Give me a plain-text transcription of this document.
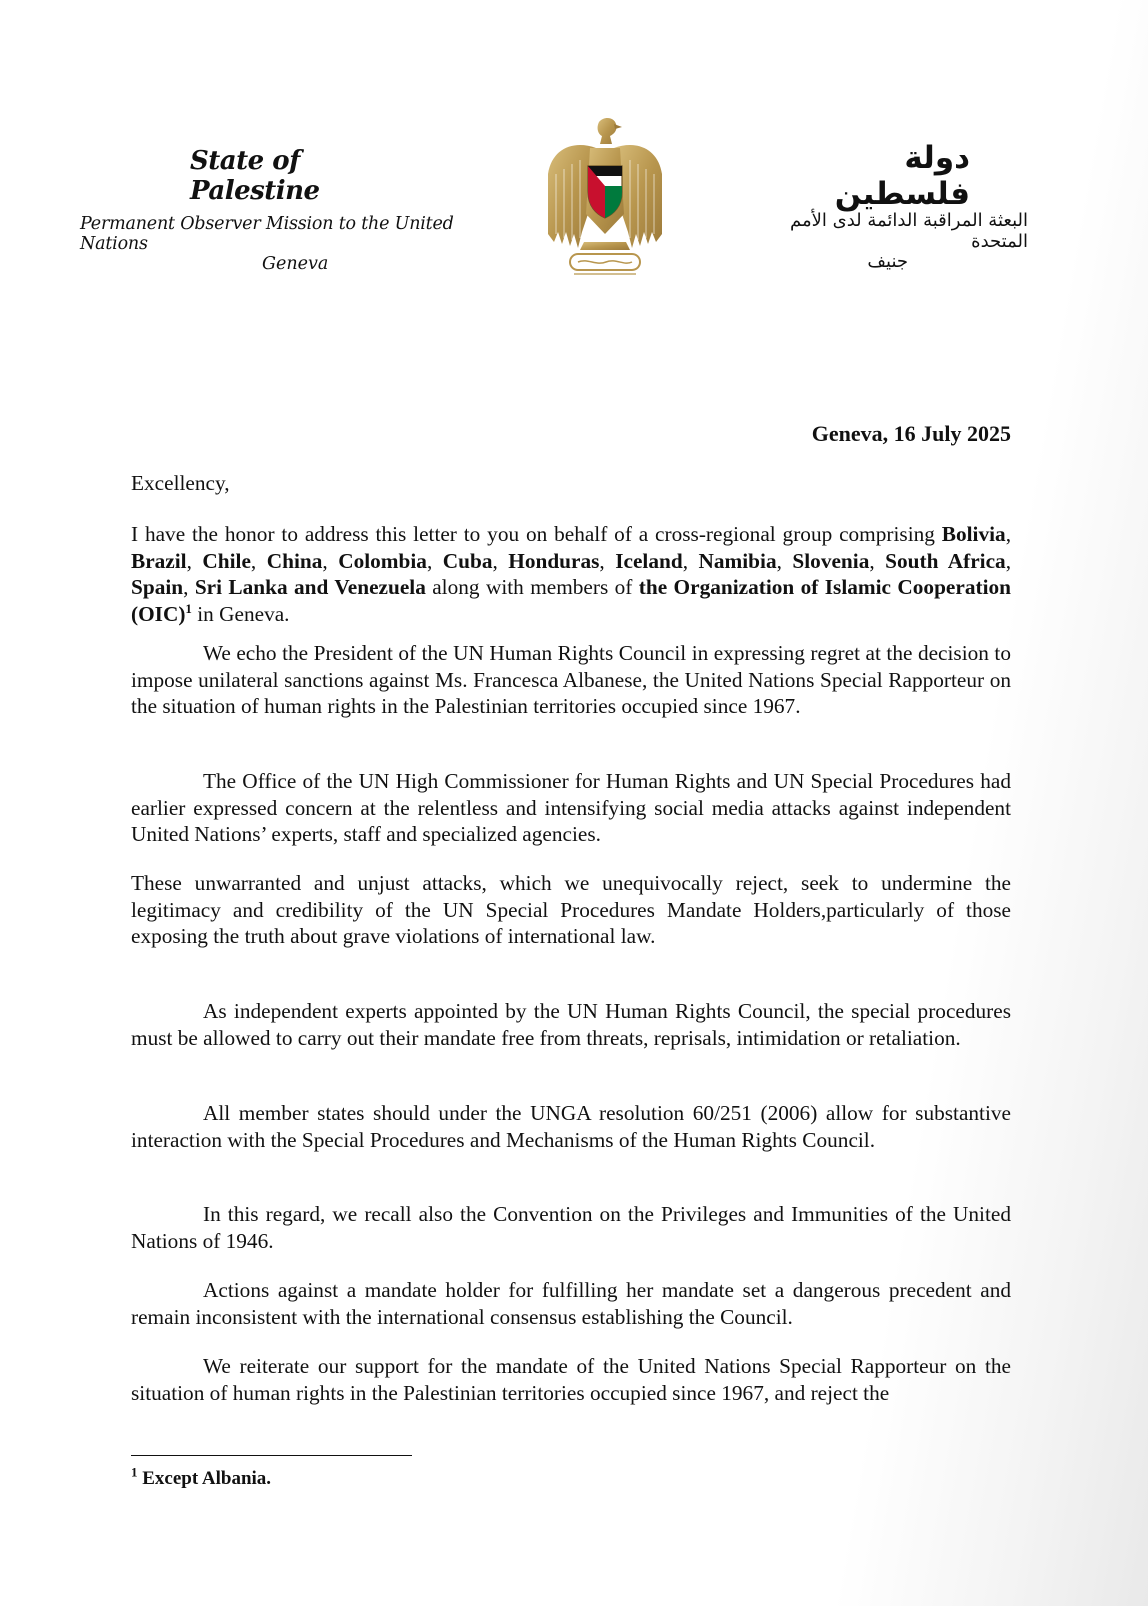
State of Palestine
Permanent Observer Mission to the United Nations
Geneva
دولة فلسطين
البعثة المراقبة الدائمة لدى الأمم المتحدة
جنيف
Geneva, 16 July 2025
Excellency,
I have the honor to address this letter to you on behalf of a cross-regional group comprising Bolivia, Brazil, Chile, China, Colombia, Cuba, Honduras, Iceland, Namibia, Slovenia, South Africa, Spain, Sri Lanka and Venezuela along with members of the Organization of Islamic Cooperation (OIC)$^1$ in Geneva.
We echo the President of the UN Human Rights Council in expressing regret at the decision to impose unilateral sanctions against Ms. Francesca Albanese, the United Nations Special Rapporteur on the situation of human rights in the Palestinian territories occupied since 1967.
The Office of the UN High Commissioner for Human Rights and UN Special Procedures had earlier expressed concern at the relentless and intensifying social media attacks against independent United Nations’ experts, staff and specialized agencies.
These unwarranted and unjust attacks, which we unequivocally reject, seek to undermine the legitimacy and credibility of the UN Special Procedures Mandate Holders,particularly of those exposing the truth about grave violations of international law.
As independent experts appointed by the UN Human Rights Council, the special procedures must be allowed to carry out their mandate free from threats, reprisals, intimidation or retaliation.
All member states should under the UNGA resolution 60/251 (2006) allow for substantive interaction with the Special Procedures and Mechanisms of the Human Rights Council.
In this regard, we recall also the Convention on the Privileges and Immunities of the United Nations of 1946.
Actions against a mandate holder for fulfilling her mandate set a dangerous precedent and remain inconsistent with the international consensus establishing the Council.
We reiterate our support for the mandate of the United Nations Special Rapporteur on the situation of human rights in the Palestinian territories occupied since 1967, and reject the
$^1$ Except Albania.
